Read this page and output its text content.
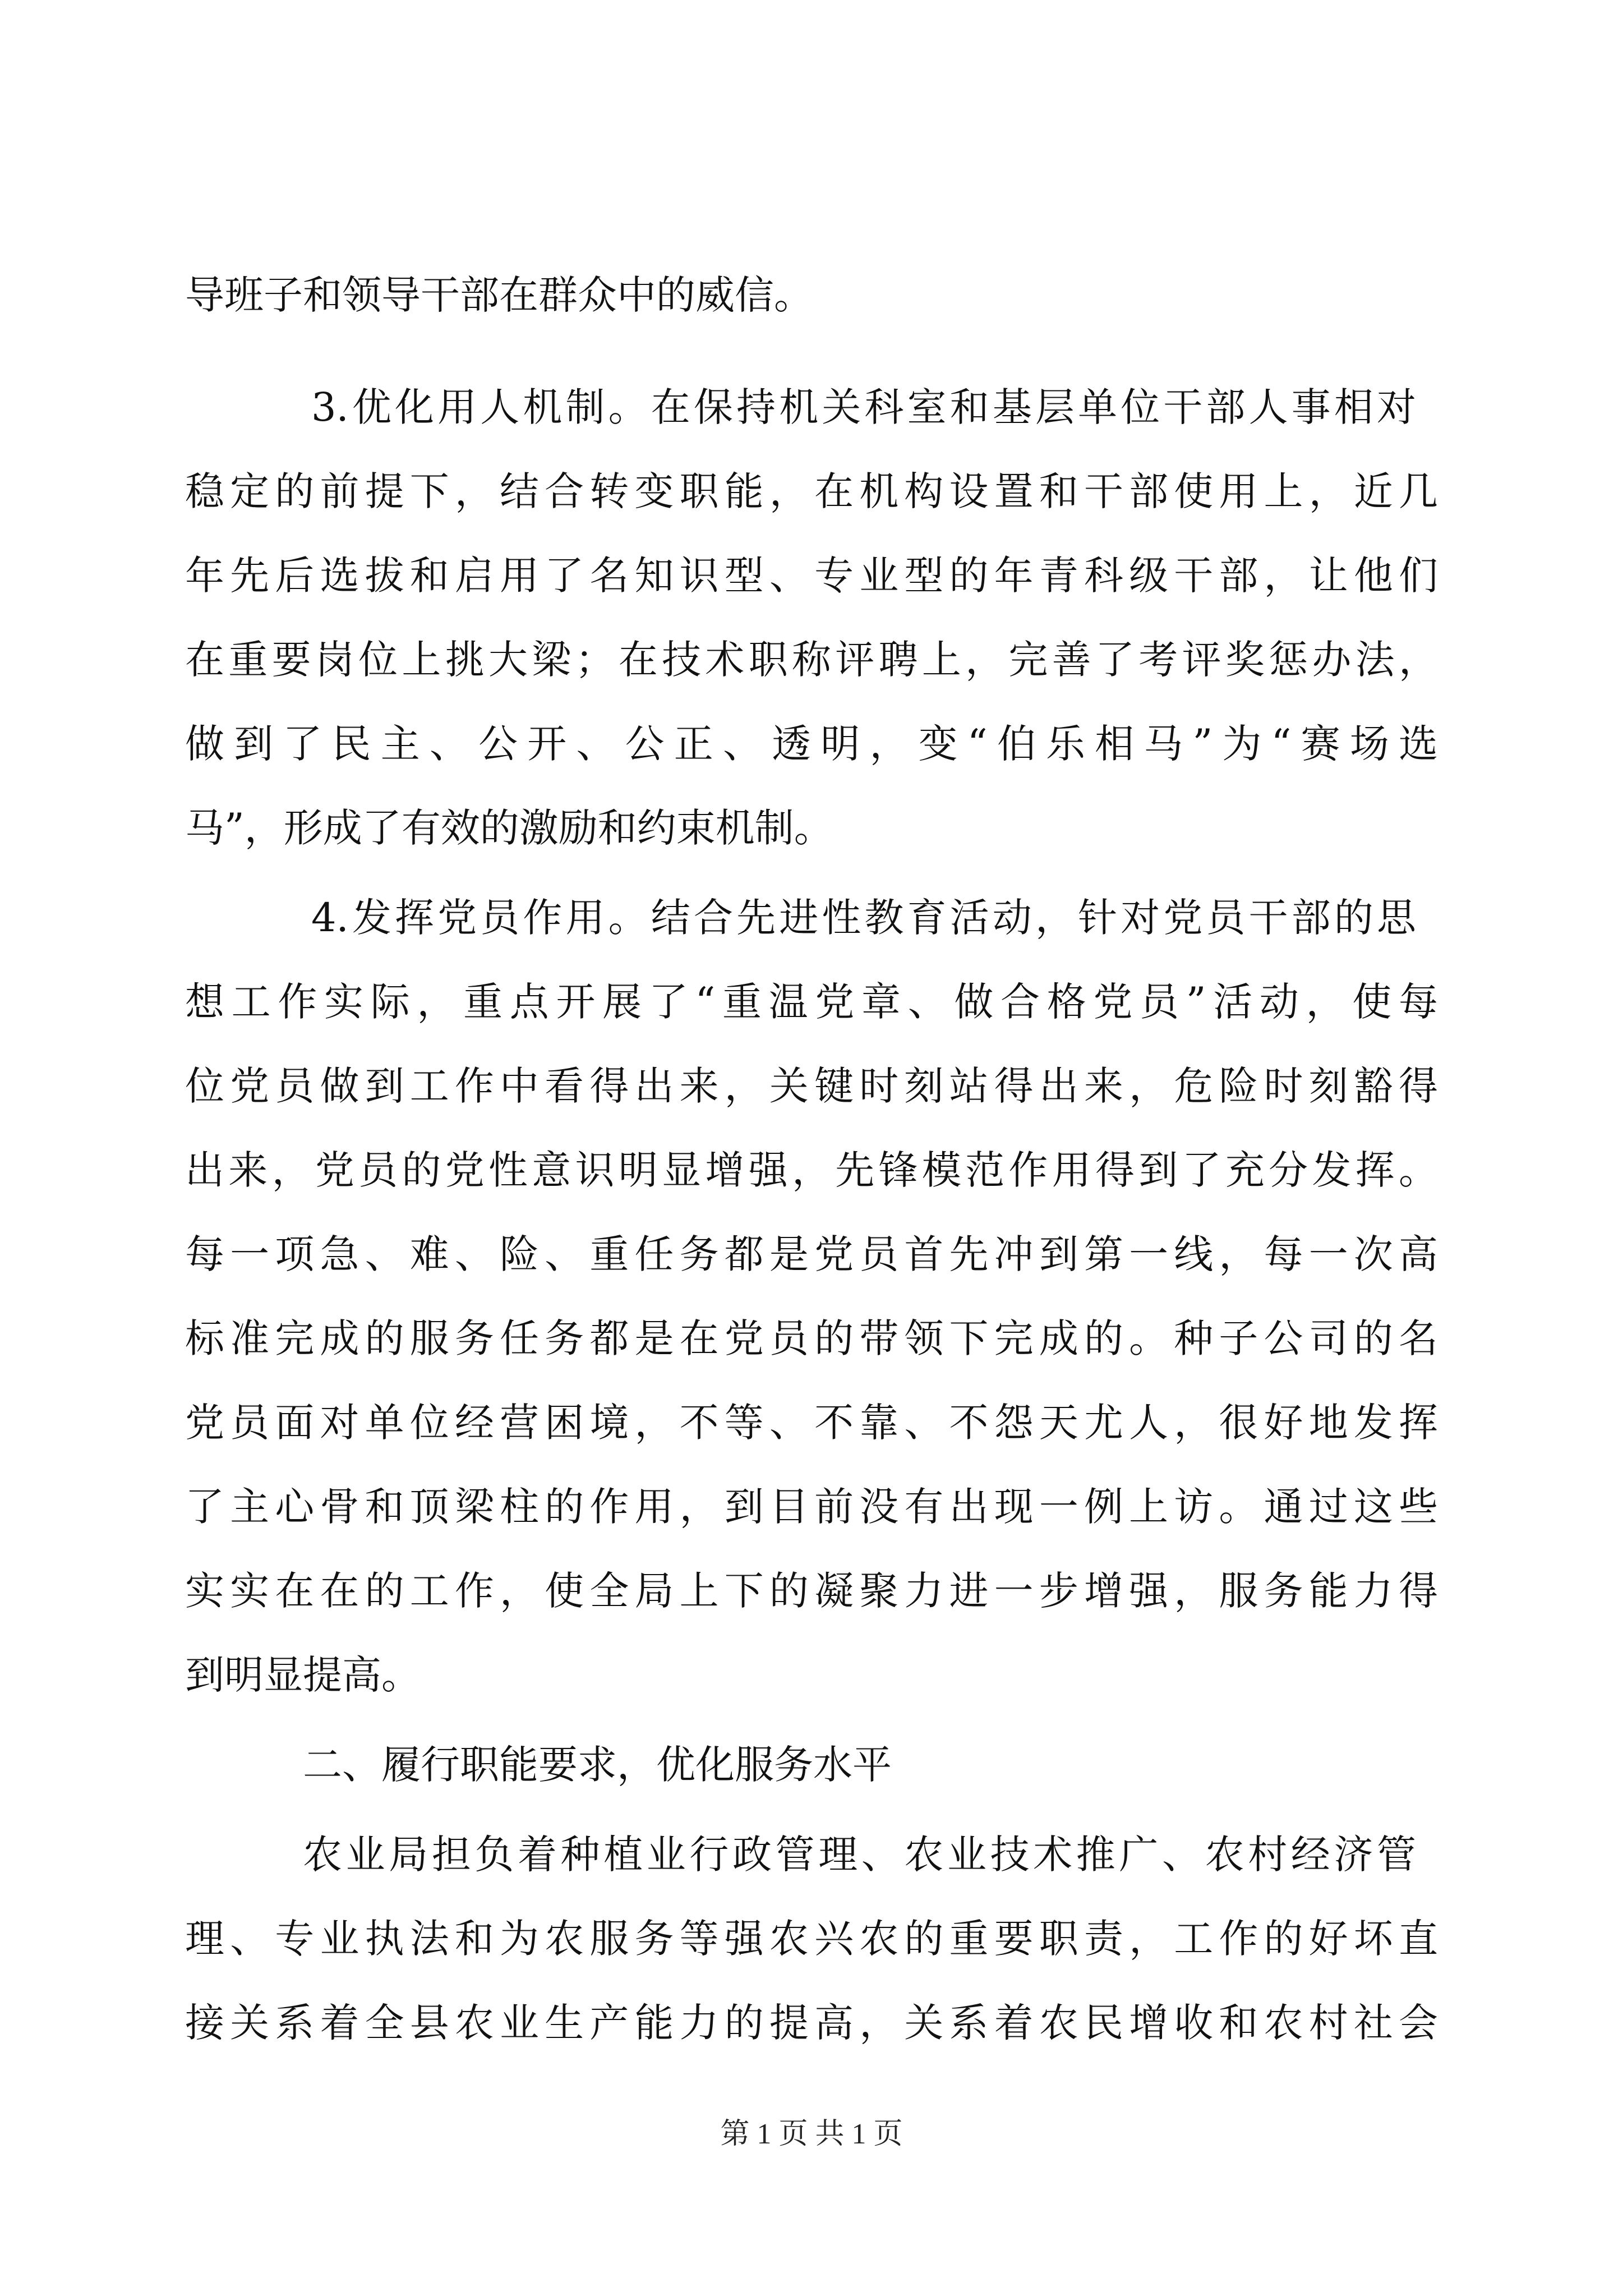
导班子和领导干部在群众中的威信。
3.优化用人机制。在保持机关科室和基层单位干部人事相对
稳定的前提下，结合转变职能，在机构设置和干部使用上，近几
年先后选拔和启用了名知识型、专业型的年青科级干部，让他们
在重要岗位上挑大梁；在技术职称评聘上，完善了考评奖惩办法，
做到了民主、公开、公正、透明，变“伯乐相马”为“赛场选
马”，形成了有效的激励和约束机制。
4.发挥党员作用。结合先进性教育活动，针对党员干部的思
想工作实际，重点开展了“重温党章、做合格党员”活动，使每
位党员做到工作中看得出来，关键时刻站得出来，危险时刻豁得
出来，党员的党性意识明显增强，先锋模范作用得到了充分发挥。
每一项急、难、险、重任务都是党员首先冲到第一线，每一次高
标准完成的服务任务都是在党员的带领下完成的。种子公司的名
党员面对单位经营困境，不等、不靠、不怨天尤人，很好地发挥
了主心骨和顶梁柱的作用，到目前没有出现一例上访。通过这些
实实在在的工作，使全局上下的凝聚力进一步增强，服务能力得
到明显提高。
二、履行职能要求，优化服务水平
农业局担负着种植业行政管理、农业技术推广、农村经济管
理、专业执法和为农服务等强农兴农的重要职责，工作的好坏直
接关系着全县农业生产能力的提高，关系着农民增收和农村社会
第 1 页 共 1 页
